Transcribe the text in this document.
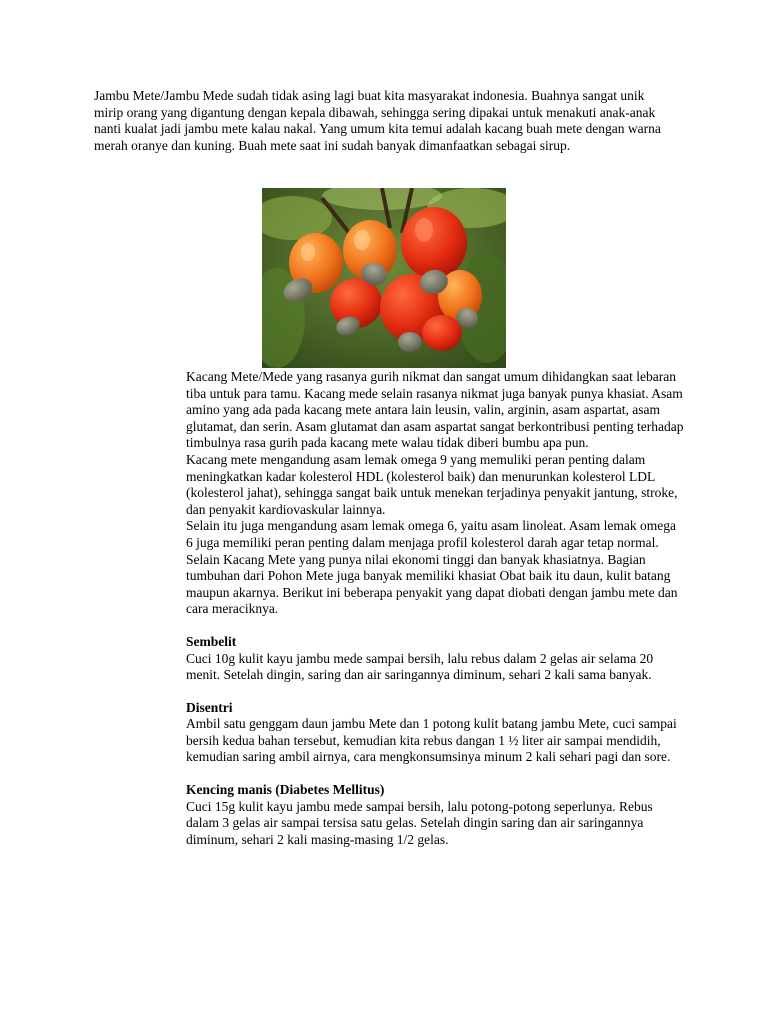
Jambu Mete/Jambu Mede sudah tidak asing lagi buat kita masyarakat indonesia. Buahnya sangat unik mirip orang yang digantung dengan kepala dibawah, sehingga sering dipakai untuk menakuti anak-anak nanti kualat jadi jambu mete kalau nakal. Yang umum kita temui adalah kacang buah mete dengan warna merah oranye dan kuning. Buah mete saat ini sudah banyak dimanfaatkan sebagai sirup.

Kacang Mete/Mede yang rasanya gurih nikmat dan sangat umum dihidangkan saat lebaran tiba untuk para tamu. Kacang mede selain rasanya nikmat juga banyak punya khasiat. Asam amino yang ada pada kacang mete antara lain leusin, valin, arginin, asam aspartat, asam glutamat, dan serin. Asam glutamat dan asam aspartat sangat berkontribusi penting terhadap timbulnya rasa gurih pada kacang mete walau tidak diberi bumbu apa pun.

Kacang mete mengandung asam lemak omega 9 yang memuliki peran penting dalam meningkatkan kadar kolesterol HDL (kolesterol baik) dan menurunkan kolesterol LDL (kolesterol jahat), sehingga sangat baik untuk menekan terjadinya penyakit jantung, stroke, dan penyakit kardiovaskular lainnya.

Selain itu juga mengandung asam lemak omega 6, yaitu asam linoleat. Asam lemak omega 6 juga memiliki peran penting dalam menjaga profil kolesterol darah agar tetap normal.

Selain Kacang Mete yang punya nilai ekonomi tinggi dan banyak khasiatnya. Bagian tumbuhan dari Pohon Mete juga banyak memiliki khasiat Obat baik itu daun, kulit batang maupun akarnya. Berikut ini beberapa penyakit yang dapat diobati dengan jambu mete dan cara meraciknya.

Sembelit

Cuci 10g kulit kayu jambu mede sampai bersih, lalu rebus dalam 2 gelas air selama 20 menit. Setelah dingin, saring dan air saringannya diminum, sehari 2 kali sama banyak.

Disentri

Ambil satu genggam daun jambu Mete dan 1 potong kulit batang jambu Mete, cuci sampai bersih kedua bahan tersebut, kemudian kita rebus dangan 1 ½ liter air sampai mendidih, kemudian saring ambil airnya, cara mengkonsumsinya minum 2 kali sehari pagi dan sore.

Kencing manis (Diabetes Mellitus)

Cuci 15g kulit kayu jambu mede sampai bersih, lalu potong-potong seperlunya. Rebus dalam 3 gelas air sampai tersisa satu gelas. Setelah dingin saring dan air saringannya diminum, sehari 2 kali masing-masing 1/2 gelas.
